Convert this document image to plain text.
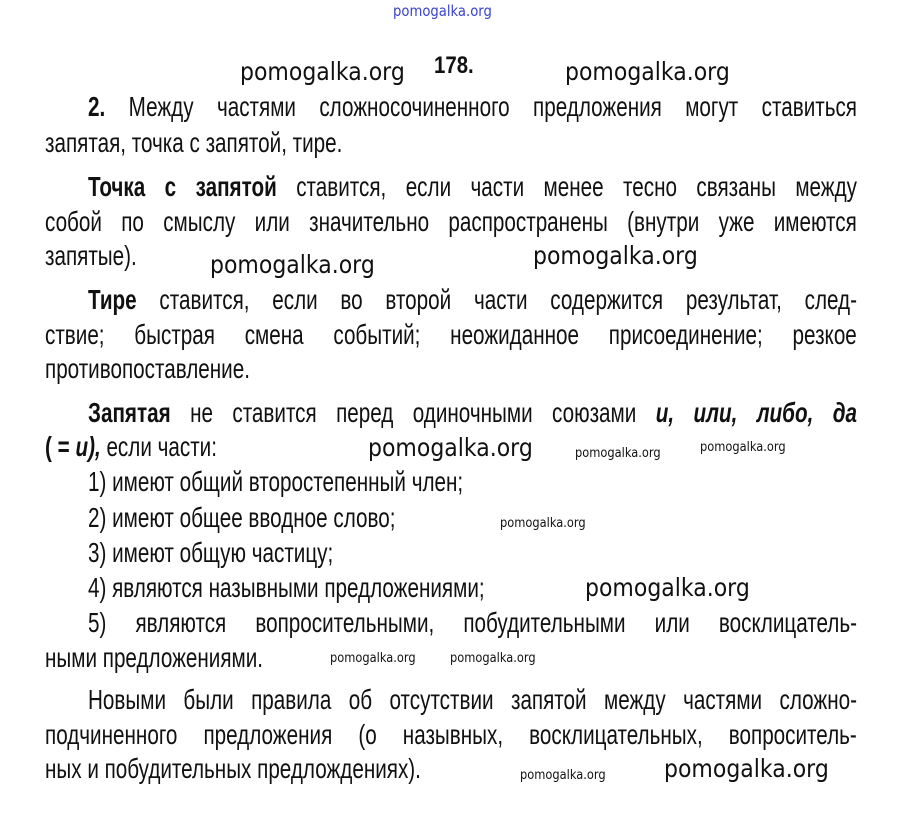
pomogalka.org
178.
2. Между частями сложносочиненного предложения могут ставиться
запятая, точка с запятой, тире.
Точка с запятой ставится, если части менее тесно связаны между
собой по смыслу или значительно распространены (внутри уже имеются
запятые).
Тире ставится, если во второй части содержится результат, след-
ствие; быстрая смена событий; неожиданное присоединение; резкое
противопоставление.
Запятая не ставится перед одиночными союзами и, или, либо, да
( = и), если части:
1) имеют общий второстепенный член;
2) имеют общее вводное слово;
3) имеют общую частицу;
4) являются назывными предложениями;
5) являются вопросительными, побудительными или восклицатель-
ными предложениями.
Новыми были правила об отсутствии запятой между частями сложно-
подчиненного предложения (о назывных, восклицательных, вопроситель-
ных и побудительных предлождениях).
pomogalka.org	pomogalka.org
pomogalka.org
pomogalka.org
pomogalka.org
pomogalka.org
pomogalka.org
pomogalka.org	pomogalka.org
pomogalka.org
pomogalka.org	pomogalka.org
pomogalka.org
